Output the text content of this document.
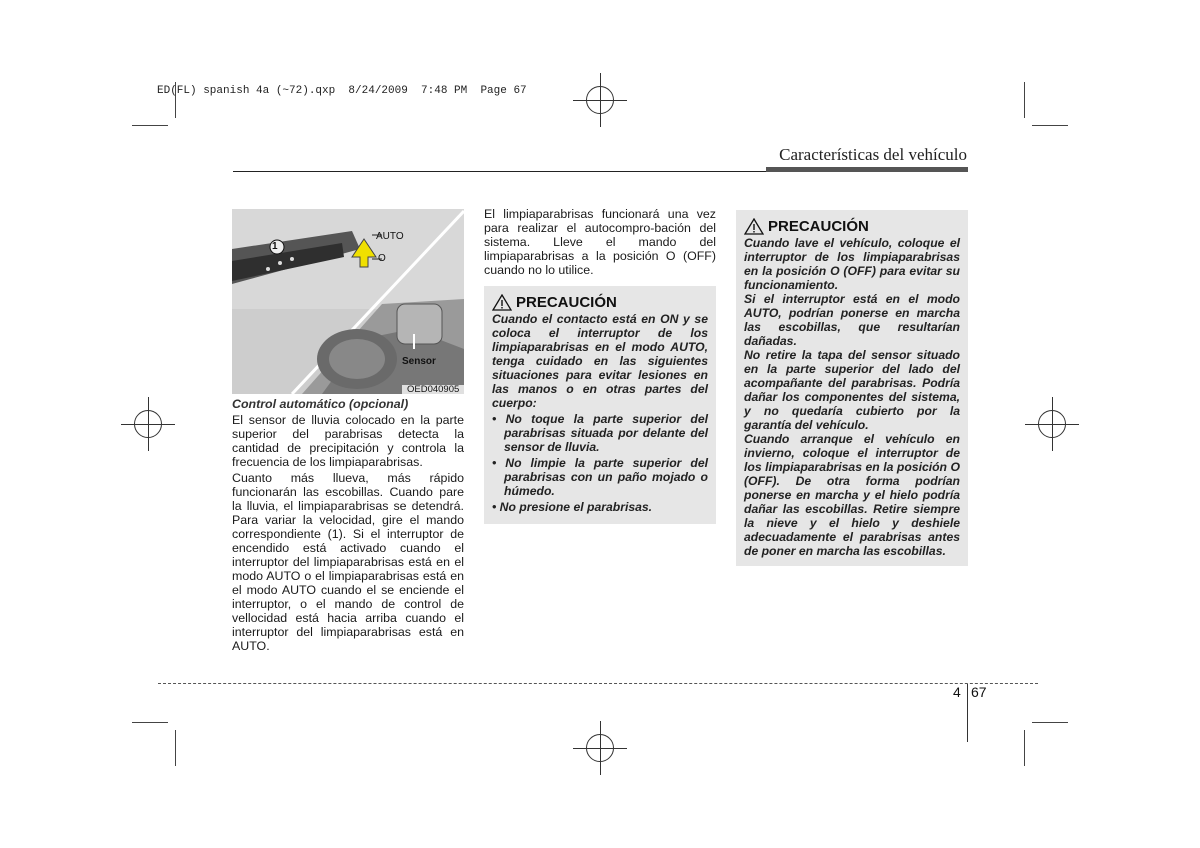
ED(FL) spanish 4a (~72).qxp  8/24/2009  7:48 PM  Page 67
Características del vehículo
1
AUTO
O
Sensor
OED040905
Control automático (opcional)

El sensor de lluvia colocado en la parte superior del parabrisas detecta la cantidad de precipitación y controla la frecuencia de los limpiaparabrisas.

Cuanto más llueva, más rápido funcionarán las escobillas. Cuando pare la lluvia, el limpiaparabrisas se detendrá. Para variar la velocidad, gire el mando correspondiente (1). Si el interruptor de encendido está activado cuando el interruptor del limpiaparabrisas está en el modo AUTO o el limpiaparabrisas está en el modo AUTO cuando el se enciende el interruptor, o el mando de control de vellocidad está hacia arriba cuando el interruptor del limpiaparabrisas está en AUTO.

El limpiaparabrisas funcionará una vez para realizar el autocompro-bación del sistema. Lleve el mando del limpiaparabrisas a la posición O (OFF) cuando no lo utilice.

PRECAUCIÓN

Cuando el contacto está en ON y se coloca el interruptor de los limpiaparabrisas en el modo AUTO, tenga cuidado en las siguientes situaciones para evitar lesiones en las manos o en otras partes del cuerpo:

• No toque la parte superior del parabrisas situada por delante del sensor de lluvia.
• No limpie la parte superior del parabrisas con un paño mojado o húmedo.
• No presione el parabrisas.
PRECAUCIÓN

Cuando lave el vehículo, coloque el interruptor de los limpiaparabrisas en la posición O (OFF) para evitar su funcionamiento.

Si el interruptor está en el modo AUTO, podrían ponerse en marcha las escobillas, que resultarían dañadas.

No retire la tapa del sensor situado en la parte superior del lado del acompañante del parabrisas. Podría dañar los componentes del sistema, y no quedaría cubierto por la garantía del vehículo.

Cuando arranque el vehículo en invierno, coloque el interruptor de los limpiaparabrisas en la posición O (OFF). De otra forma podrían ponerse en marcha y el hielo podría dañar las escobillas. Retire siempre la nieve y el hielo y deshiele adecuadamente el parabrisas antes de poner en marcha las escobillas.

4 67
